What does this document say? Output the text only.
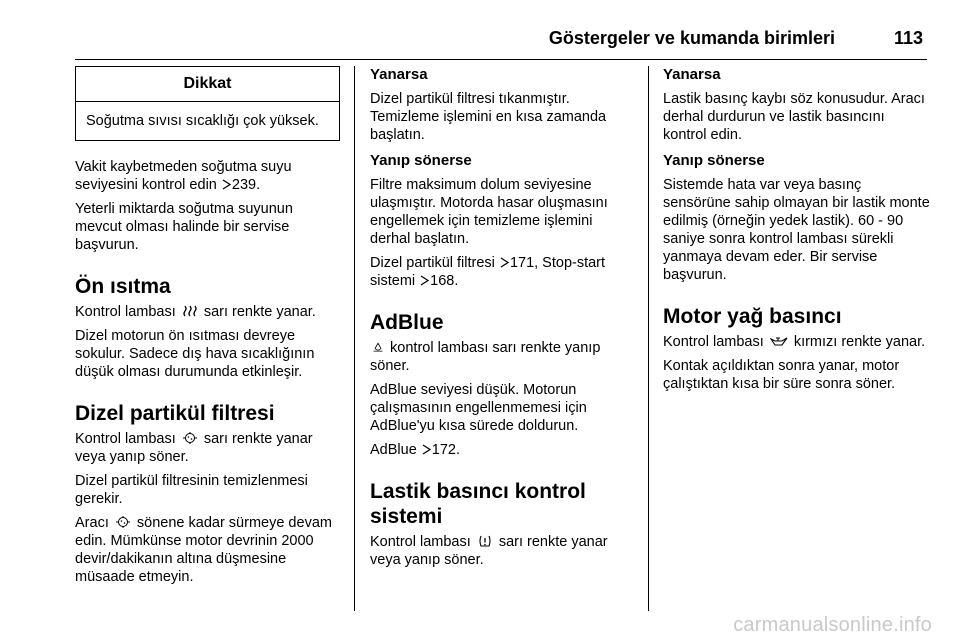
Göstergeler ve kumanda birimleri	113
Dikkat
Soğutma sıvısı sıcaklığı çok yüksek.

Vakit kaybetmeden soğutma suyu seviyesini kontrol edin 239.

Yeterli miktarda soğutma suyunun mevcut olması halinde bir servise başvurun.

Ön ısıtma

Kontrol lambası sarı renkte yanar.

Dizel motorun ön ısıtması devreye sokulur. Sadece dış hava sıcaklığının düşük olması durumunda etkinleşir.

Dizel partikül filtresi

Kontrol lambası sarı renkte yanar veya yanıp söner.

Dizel partikül filtresinin temizlenmesi gerekir.

Aracı sönene kadar sürmeye devam edin. Mümkünse motor devrinin 2000 devir/dakikanın altına düşmesine müsaade etmeyin.

Yanarsa

Dizel partikül filtresi tıkanmıştır. Temizleme işlemini en kısa zamanda başlatın.

Yanıp sönerse

Filtre maksimum dolum seviyesine ulaşmıştır. Motorda hasar oluşmasını engellemek için temizleme işlemini derhal başlatın.

Dizel partikül filtresi 171, Stop-start sistemi 168.

AdBlue

kontrol lambası sarı renkte yanıp söner.

AdBlue seviyesi düşük. Motorun çalışmasının engellenmemesi için AdBlue'yu kısa sürede doldurun.

AdBlue 172.

Lastik basıncı kontrol sistemi

Kontrol lambası sarı renkte yanar veya yanıp söner.

Yanarsa

Lastik basınç kaybı söz konusudur. Aracı derhal durdurun ve lastik basıncını kontrol edin.

Yanıp sönerse

Sistemde hata var veya basınç sensörüne sahip olmayan bir lastik monte edilmiş (örneğin yedek lastik). 60 - 90 saniye sonra kontrol lambası sürekli yanmaya devam eder. Bir servise başvurun.

Motor yağ basıncı

Kontrol lambası kırmızı renkte yanar.

Kontak açıldıktan sonra yanar, motor çalıştıktan kısa bir süre sonra söner.

carmanualsonline.info
